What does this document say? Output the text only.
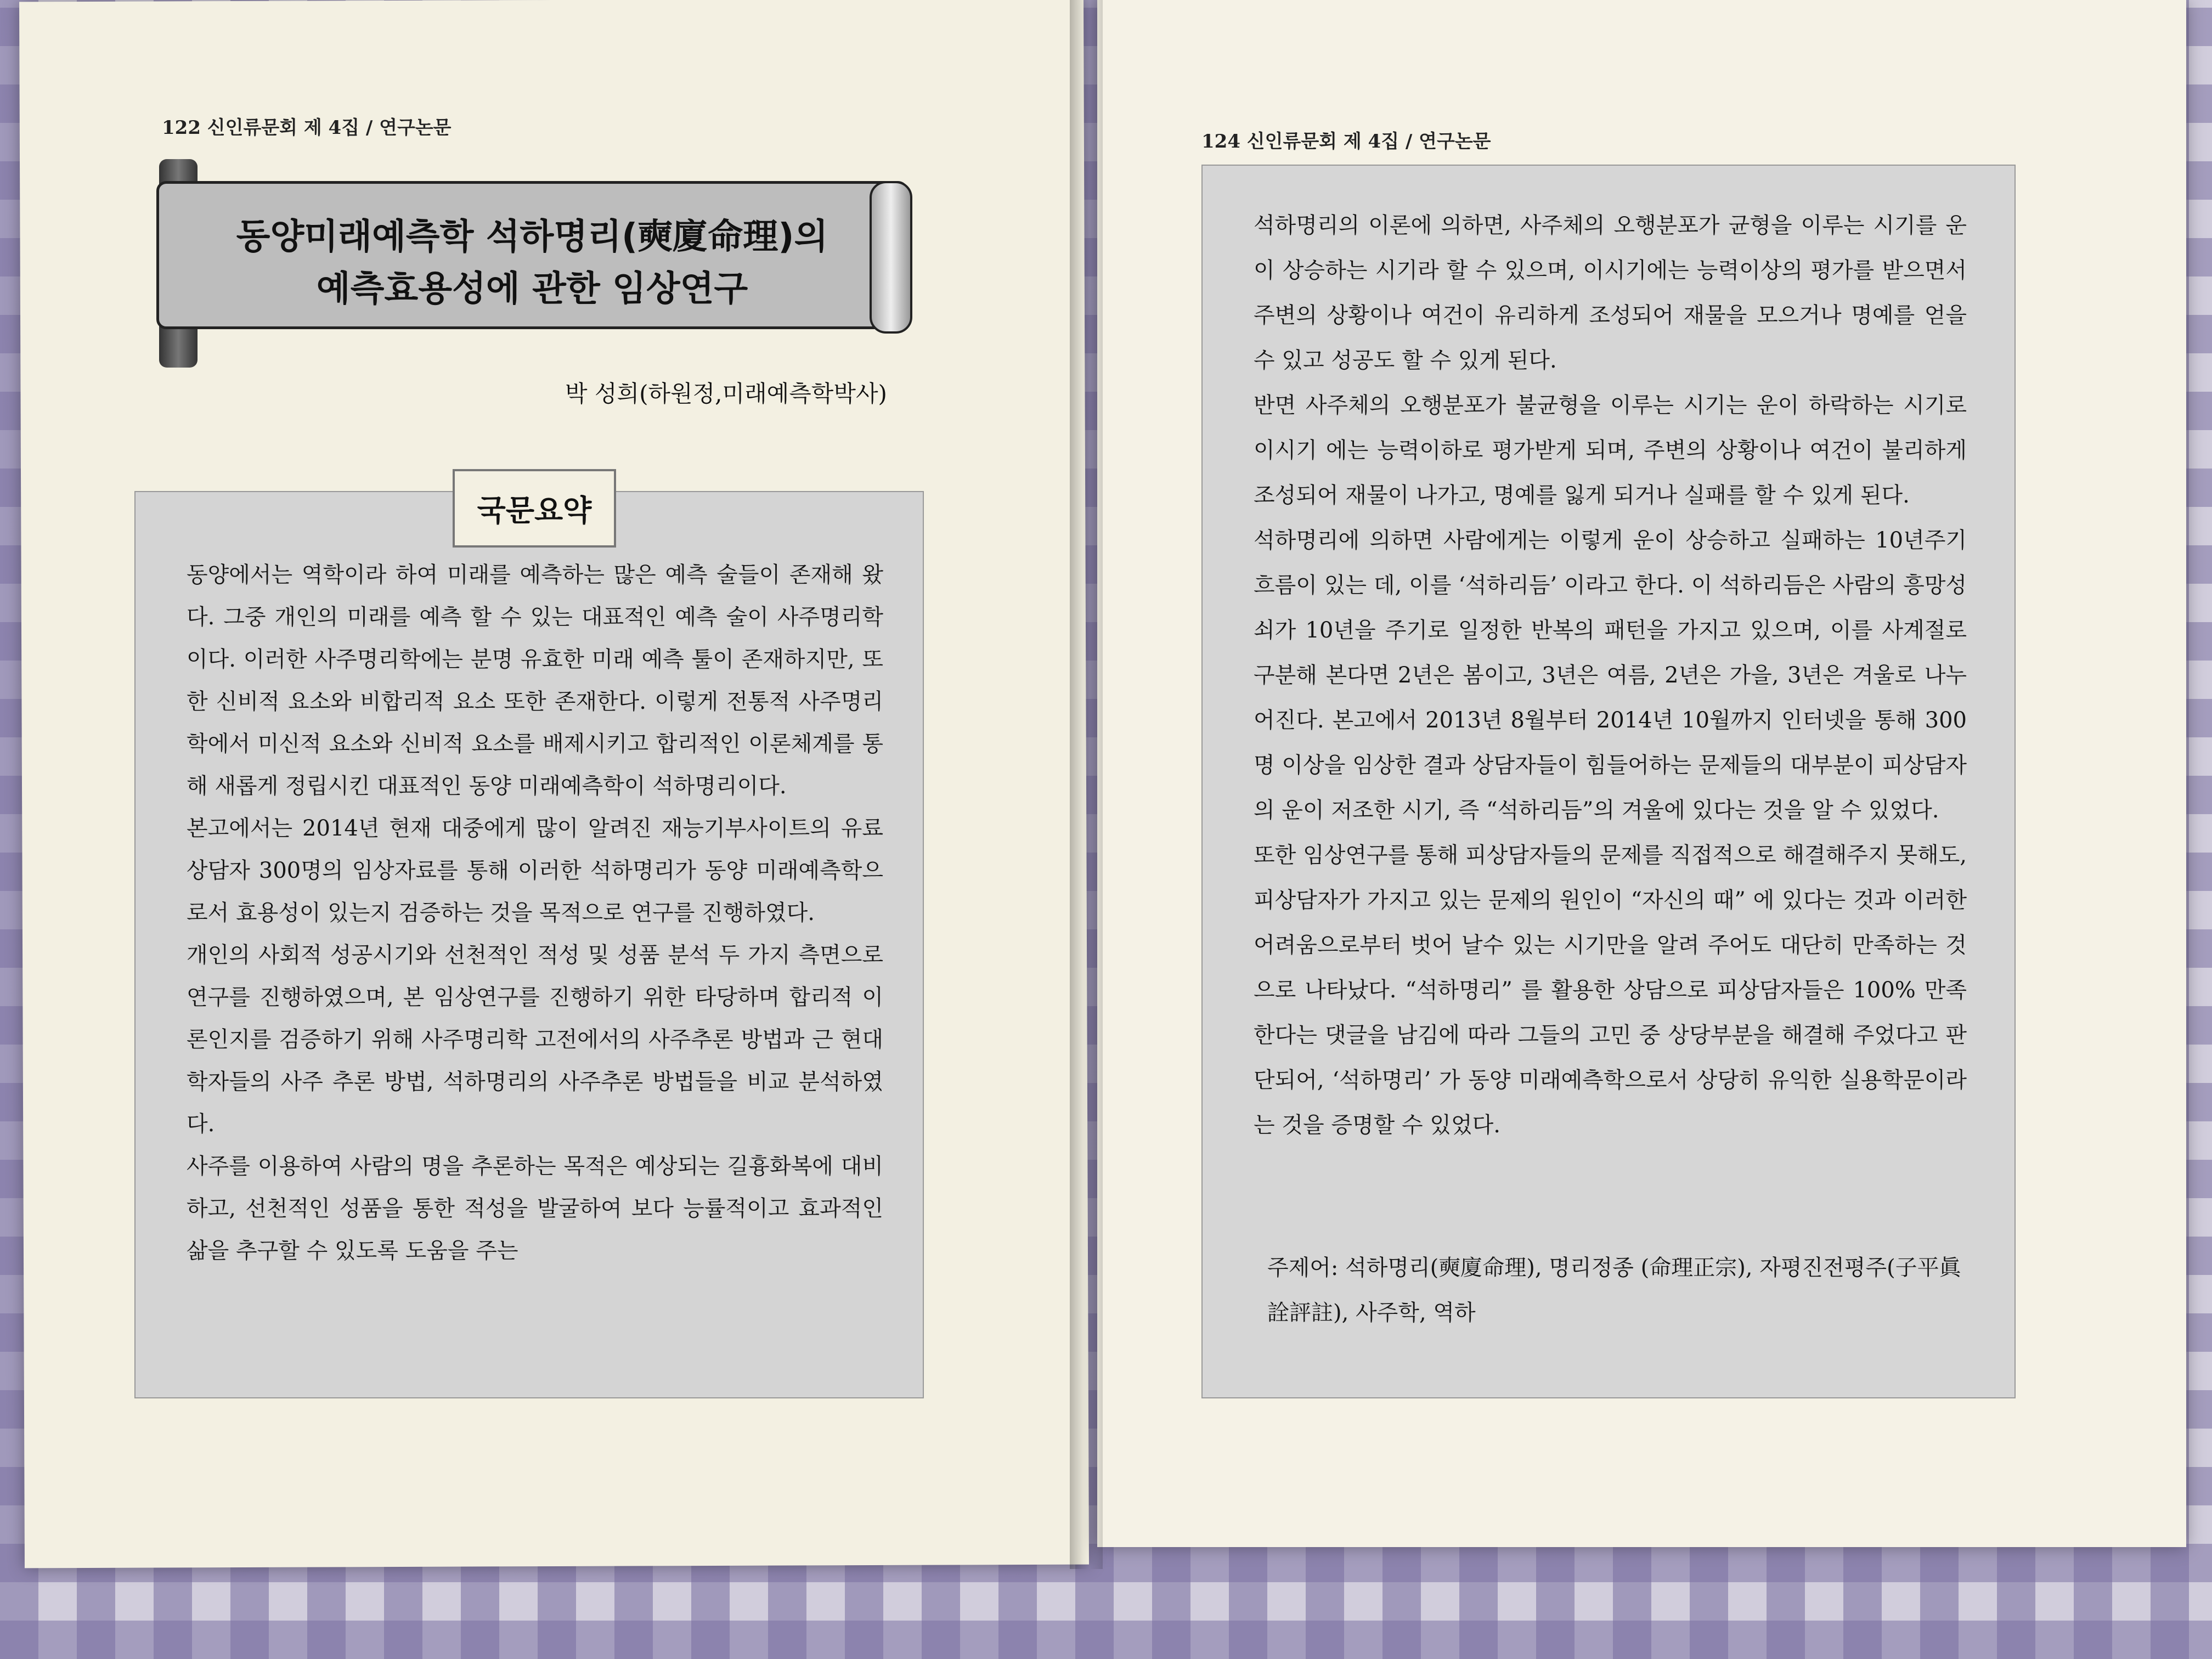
122 신인류문회 제 4집 / 연구논문
동양미래예측학 석하명리(奭廈命理)의
예측효용성에 관한 임상연구
박 성희(하원정,미래예측학박사)
국문요약

동양에서는 역학이라 하여 미래를 예측하는 많은 예측 술들이 존재해 왔다. 그중 개인의 미래를 예측 할 수 있는 대표적인 예측 술이 사주명리학이다. 이러한 사주명리학에는 분명 유효한 미래 예측 툴이 존재하지만, 또한 신비적 요소와 비합리적 요소 또한 존재한다. 이렇게 전통적 사주명리학에서 미신적 요소와 신비적 요소를 배제시키고 합리적인 이론체계를 통해 새롭게 정립시킨 대표적인 동양 미래예측학이 석하명리이다.

본고에서는 2014년 현재 대중에게 많이 알려진 재능기부사이트의 유료 상담자 300명의 임상자료를 통해 이러한 석하명리가 동양 미래예측학으로서 효용성이 있는지 검증하는 것을 목적으로 연구를 진행하였다.

개인의 사회적 성공시기와 선천적인 적성 및 성품 분석 두 가지 측면으로 연구를 진행하였으며, 본 임상연구를 진행하기 위한 타당하며 합리적 이론인지를 검증하기 위해 사주명리학 고전에서의 사주추론 방법과 근 현대 학자들의 사주 추론 방법, 석하명리의 사주추론 방법들을 비교 분석하였다.

사주를 이용하여 사람의 명을 추론하는 목적은 예상되는 길흉화복에 대비하고, 선천적인 성품을 통한 적성을 발굴하여 보다 능률적이고 효과적인 삶을 추구할 수 있도록 도움을 주는

124 신인류문회 제 4집 / 연구논문

석하명리의 이론에 의하면, 사주체의 오행분포가 균형을 이루는 시기를 운이 상승하는 시기라 할 수 있으며, 이시기에는 능력이상의 평가를 받으면서 주변의 상황이나 여건이 유리하게 조성되어 재물을 모으거나 명예를 얻을 수 있고 성공도 할 수 있게 된다.

반면 사주체의 오행분포가 불균형을 이루는 시기는 운이 하락하는 시기로 이시기 에는 능력이하로 평가받게 되며, 주변의 상황이나 여건이 불리하게 조성되어 재물이 나가고, 명예를 잃게 되거나 실패를 할 수 있게 된다.

석하명리에 의하면 사람에게는 이렇게 운이 상승하고 실패하는 10년주기 흐름이 있는 데, 이를 ‘석하리듬’ 이라고 한다. 이 석하리듬은 사람의 흥망성쇠가 10년을 주기로 일정한 반복의 패턴을 가지고 있으며, 이를 사계절로 구분해 본다면 2년은 봄이고, 3년은 여름, 2년은 가을, 3년은 겨울로 나누어진다. 본고에서 2013년 8월부터 2014년 10월까지 인터넷을 통해 300명 이상을 임상한 결과 상담자들이 힘들어하는 문제들의 대부분이 피상담자의 운이 저조한 시기, 즉 “석하리듬”의 겨울에 있다는 것을 알 수 있었다.

또한 임상연구를 통해 피상담자들의 문제를 직접적으로 해결해주지 못해도, 피상담자가 가지고 있는 문제의 원인이 “자신의 때” 에 있다는 것과 이러한 어려움으로부터 벗어 날수 있는 시기만을 알려 주어도 대단히 만족하는 것으로 나타났다. “석하명리” 를 활용한 상담으로 피상담자들은 100% 만족한다는 댓글을 남김에 따라 그들의 고민 중 상당부분을 해결해 주었다고 판단되어, ‘석하명리’ 가 동양 미래예측학으로서 상당히 유익한 실용학문이라는 것을 증명할 수 있었다.

주제어: 석하명리(奭廈命理), 명리정종 (命理正宗), 자평진전평주(子平眞詮評註), 사주학, 역하
